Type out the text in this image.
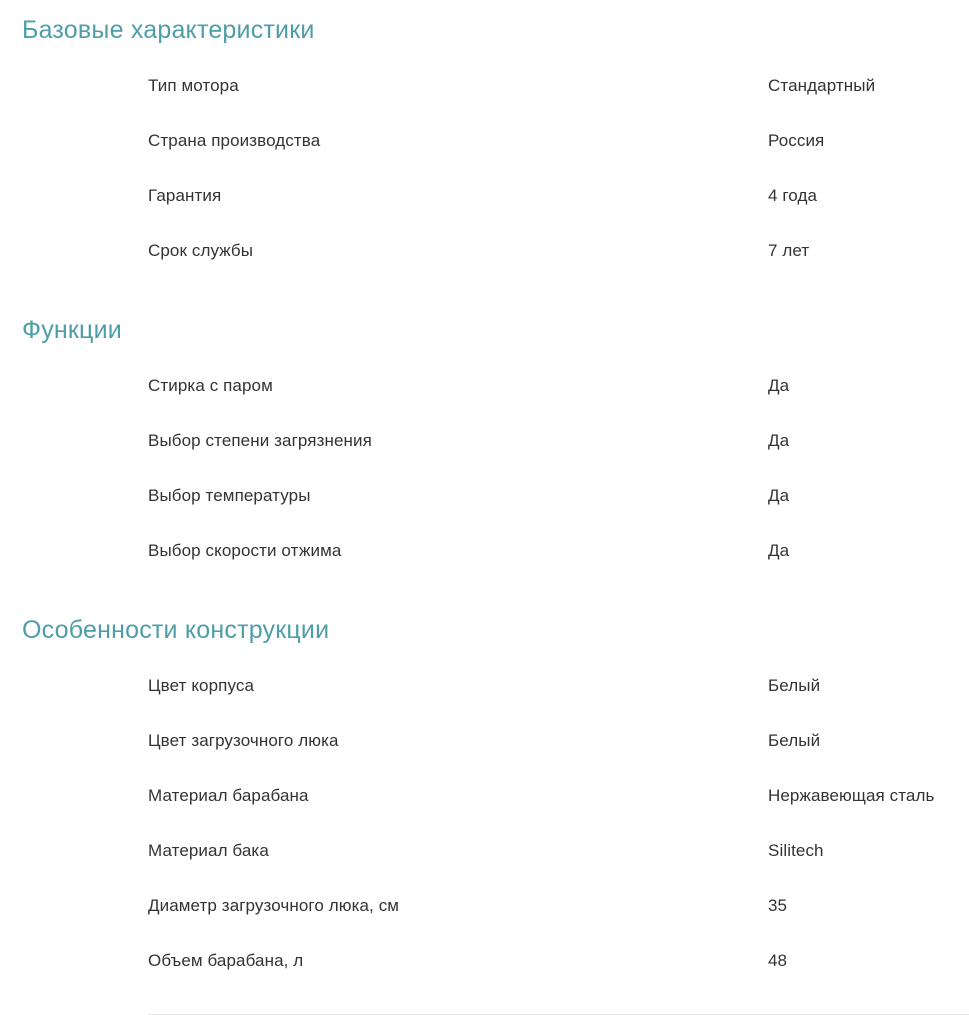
Базовые характеристики
Тип мотора	Стандартный
Страна производства	Россия
Гарантия	4 года
Срок службы	7 лет
Функции
Стирка с паром	Да
Выбор степени загрязнения	Да
Выбор температуры	Да
Выбор скорости отжима	Да
Особенности конструкции
Цвет корпуса	Белый
Цвет загрузочного люка	Белый
Материал барабана	Нержавеющая сталь
Материал бака	Silitech
Диаметр загрузочного люка, см	35
Объем барабана, л	48
